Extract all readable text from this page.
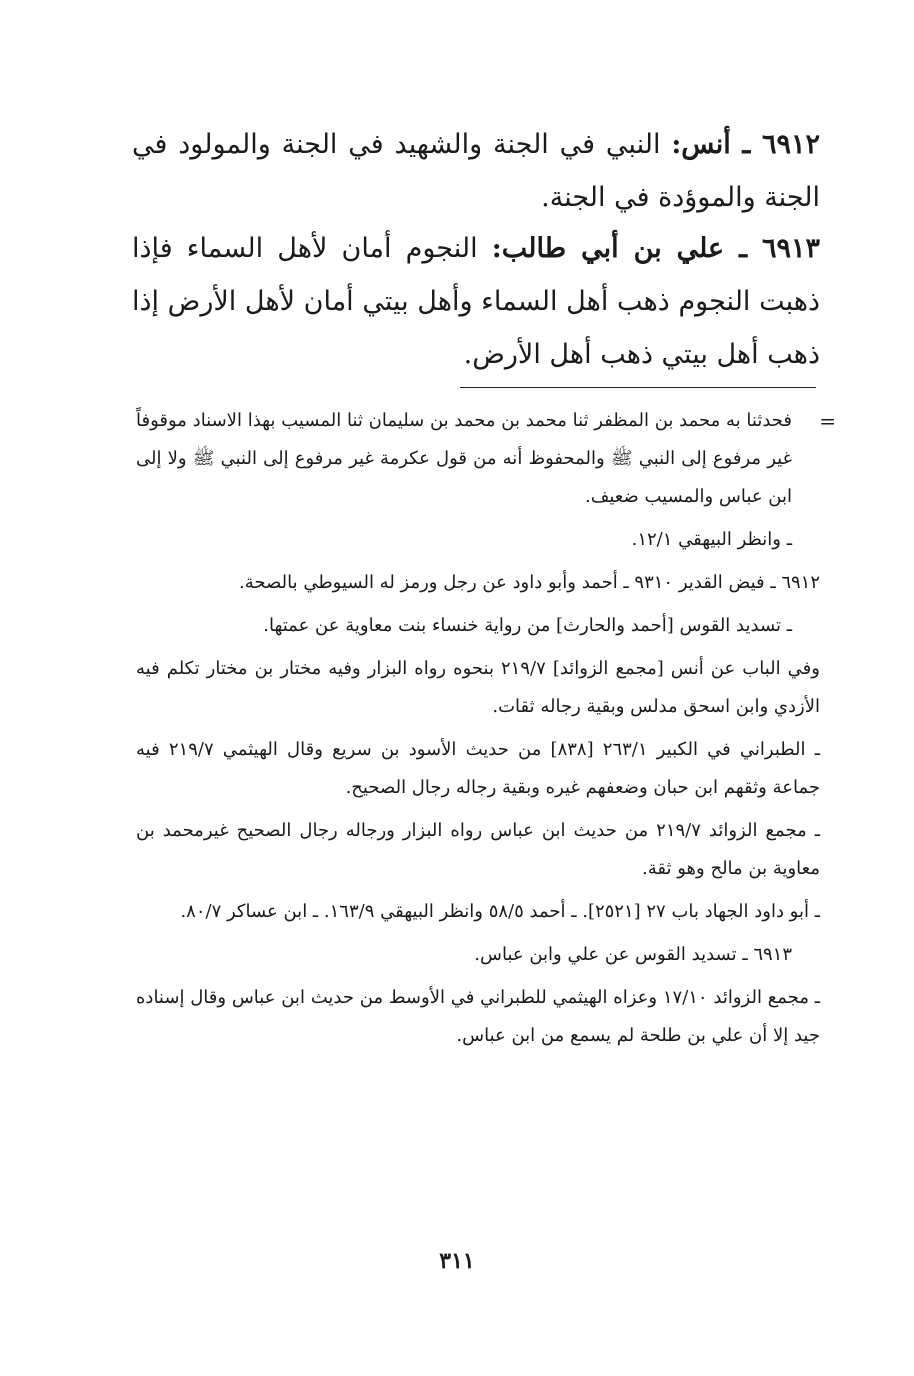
٦٩١٢ ـ أنس: النبي في الجنة والشهيد في الجنة والمولود في الجنة والموؤدة في الجنة.

٦٩١٣ ـ علي بن أبي طالب: النجوم أمان لأهل السماء فإذا ذهبت النجوم ذهب أهل السماء وأهل بيتي أمان لأهل الأرض إذا ذهب أهل بيتي ذهب أهل الأرض.

=
فحدثنا به محمد بن المظفر ثنا محمد بن محمد بن سليمان ثنا المسيب بهذا الاسناد موقوفاً غير مرفوع إلى النبي ﷺ والمحفوظ أنه من قول عكرمة غير مرفوع إلى النبي ﷺ ولا إلى ابن عباس والمسيب ضعيف.

ـ وانظر البيهقي ١٢/١.

٦٩١٢ ـ فيض القدير ٩٣١٠ ـ أحمد وأبو داود عن رجل ورمز له السيوطي بالصحة.

ـ تسديد القوس [أحمد والحارث] من رواية خنساء بنت معاوية عن عمتها.

وفي الباب عن أنس [مجمع الزوائد] ٢١٩/٧ بنحوه رواه البزار وفيه مختار بن مختار تكلم فيه الأزدي وابن اسحق مدلس وبقية رجاله ثقات.

ـ الطبراني في الكبير ٢٦٣/١ [٨٣٨] من حديث الأسود بن سريع وقال الهيثمي ٢١٩/٧ فيه جماعة وثقهم ابن حبان وضعفهم غيره وبقية رجاله رجال الصحيح.

ـ مجمع الزوائد ٢١٩/٧ من حديث ابن عباس رواه البزار ورجاله رجال الصحيح غيرمحمد بن معاوية بن مالح وهو ثقة.

ـ أبو داود الجهاد باب ٢٧ [٢٥٢١]. ـ أحمد ٥٨/٥ وانظر البيهقي ١٦٣/٩. ـ ابن عساكر ٨٠/٧.

٦٩١٣ ـ تسديد القوس عن علي وابن عباس.

ـ مجمع الزوائد ١٧/١٠ وعزاه الهيثمي للطبراني في الأوسط من حديث ابن عباس وقال إسناده جيد إلا أن علي بن طلحة لم يسمع من ابن عباس.

٣١١
